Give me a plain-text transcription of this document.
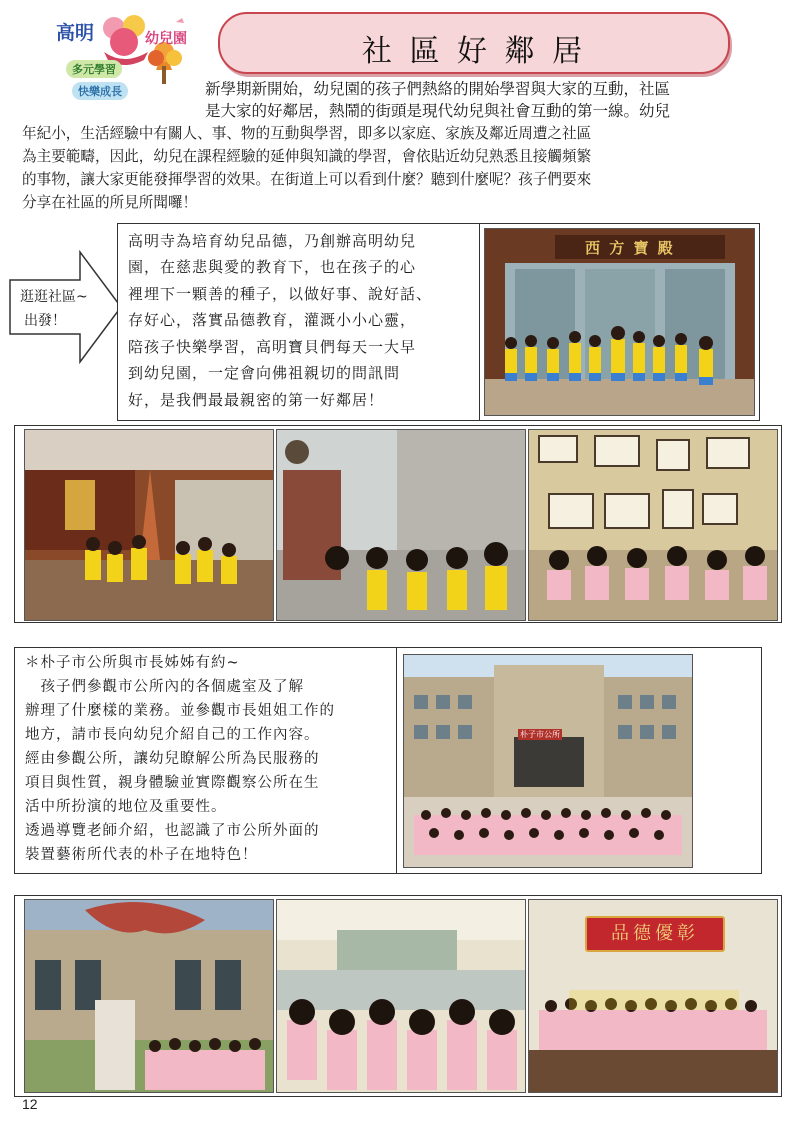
高明	幼兒園
多元學習
快樂成長
社 區 好 鄰 居
新學期新開始，幼兒園的孩子們熱絡的開始學習與大家的互動，社區
是大家的好鄰居，熱鬧的街頭是現代幼兒與社會互動的第一線。幼兒
年紀小，生活經驗中有關人、事、物的互動與學習，即多以家庭、家族及鄰近周遭之社區
為主要範疇，因此，幼兒在課程經驗的延伸與知識的學習，會依貼近幼兒熟悉且接觸頻繁
的事物，讓大家更能發揮學習的效果。在街道上可以看到什麼？聽到什麼呢？孩子們要來
分享在社區的所見所聞囉！
逛逛社區~
出發！
高明寺為培育幼兒品德，乃創辦高明幼兒
園，在慈悲與愛的教育下，也在孩子的心
裡埋下一顆善的種子，以做好事、說好話、
存好心，落實品德教育，灌溉小小心靈，
陪孩子快樂學習，高明寶貝們每天一大早
到幼兒園，一定會向佛祖親切的問訊問
好，是我們最最親密的第一好鄰居！
西 方 寶 殿
＊朴子市公所與市長姊姊有約~
　孩子們參觀市公所內的各個處室及了解
辦理了什麼樣的業務。並參觀市長姐姐工作的
地方，請市長向幼兒介紹自己的工作內容。
經由參觀公所，讓幼兒瞭解公所為民服務的
項目與性質，親身體驗並實際觀察公所在生
活中所扮演的地位及重要性。
透過導覽老師介紹，也認識了市公所外面的
裝置藝術所代表的朴子在地特色！
朴子市公所
品德優彰
12
